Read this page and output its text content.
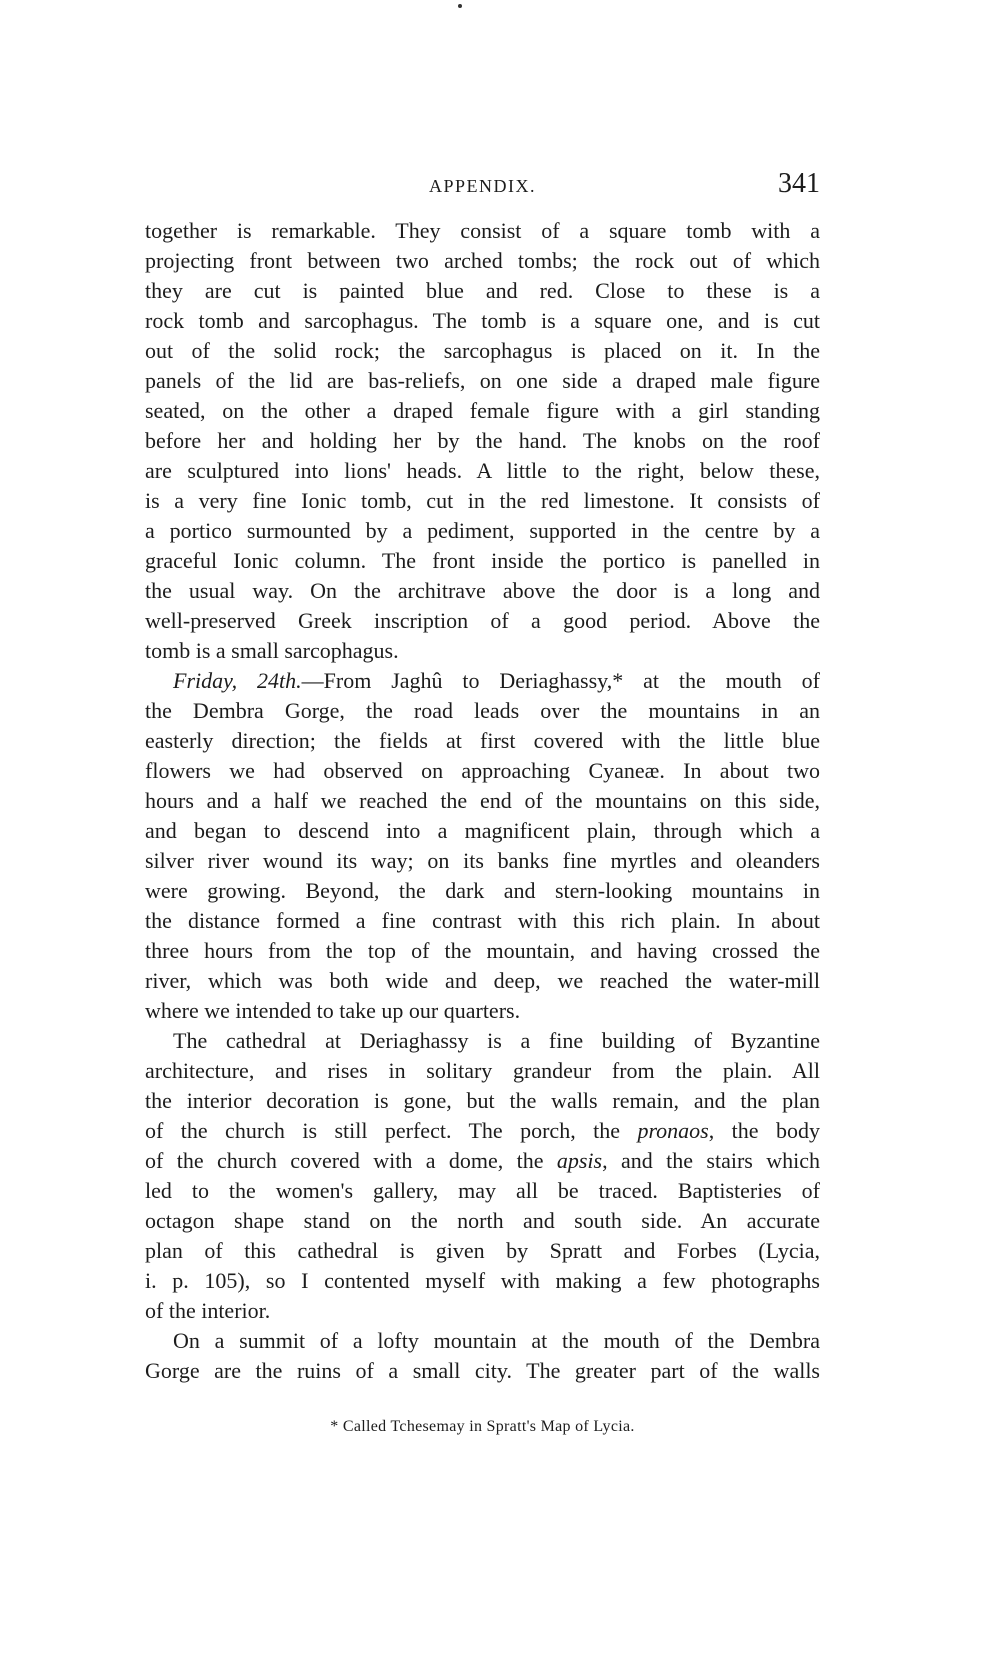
APPENDIX.	341
together is remarkable. They consist of a square tomb with a
projecting front between two arched tombs; the rock out of which
they are cut is painted blue and red. Close to these is a
rock tomb and sarcophagus. The tomb is a square one, and is cut
out of the solid rock; the sarcophagus is placed on it. In the
panels of the lid are bas-reliefs, on one side a draped male figure
seated, on the other a draped female figure with a girl standing
before her and holding her by the hand. The knobs on the roof
are sculptured into lions' heads. A little to the right, below these,
is a very fine Ionic tomb, cut in the red limestone. It consists of
a portico surmounted by a pediment, supported in the centre by a
graceful Ionic column. The front inside the portico is panelled in
the usual way. On the architrave above the door is a long and
well-preserved Greek inscription of a good period. Above the
tomb is a small sarcophagus.
Friday, 24th.—From Jaghû to Deriaghassy,* at the mouth of
the Dembra Gorge, the road leads over the mountains in an
easterly direction; the fields at first covered with the little blue
flowers we had observed on approaching Cyaneæ. In about two
hours and a half we reached the end of the mountains on this side,
and began to descend into a magnificent plain, through which a
silver river wound its way; on its banks fine myrtles and oleanders
were growing. Beyond, the dark and stern-looking mountains in
the distance formed a fine contrast with this rich plain. In about
three hours from the top of the mountain, and having crossed the
river, which was both wide and deep, we reached the water-mill
where we intended to take up our quarters.
The cathedral at Deriaghassy is a fine building of Byzantine
architecture, and rises in solitary grandeur from the plain. All
the interior decoration is gone, but the walls remain, and the plan
of the church is still perfect. The porch, the pronaos, the body
of the church covered with a dome, the apsis, and the stairs which
led to the women's gallery, may all be traced. Baptisteries of
octagon shape stand on the north and south side. An accurate
plan of this cathedral is given by Spratt and Forbes (Lycia,
i. p. 105), so I contented myself with making a few photographs
of the interior.
On a summit of a lofty mountain at the mouth of the Dembra
Gorge are the ruins of a small city. The greater part of the walls
* Called Tchesemay in Spratt's Map of Lycia.
